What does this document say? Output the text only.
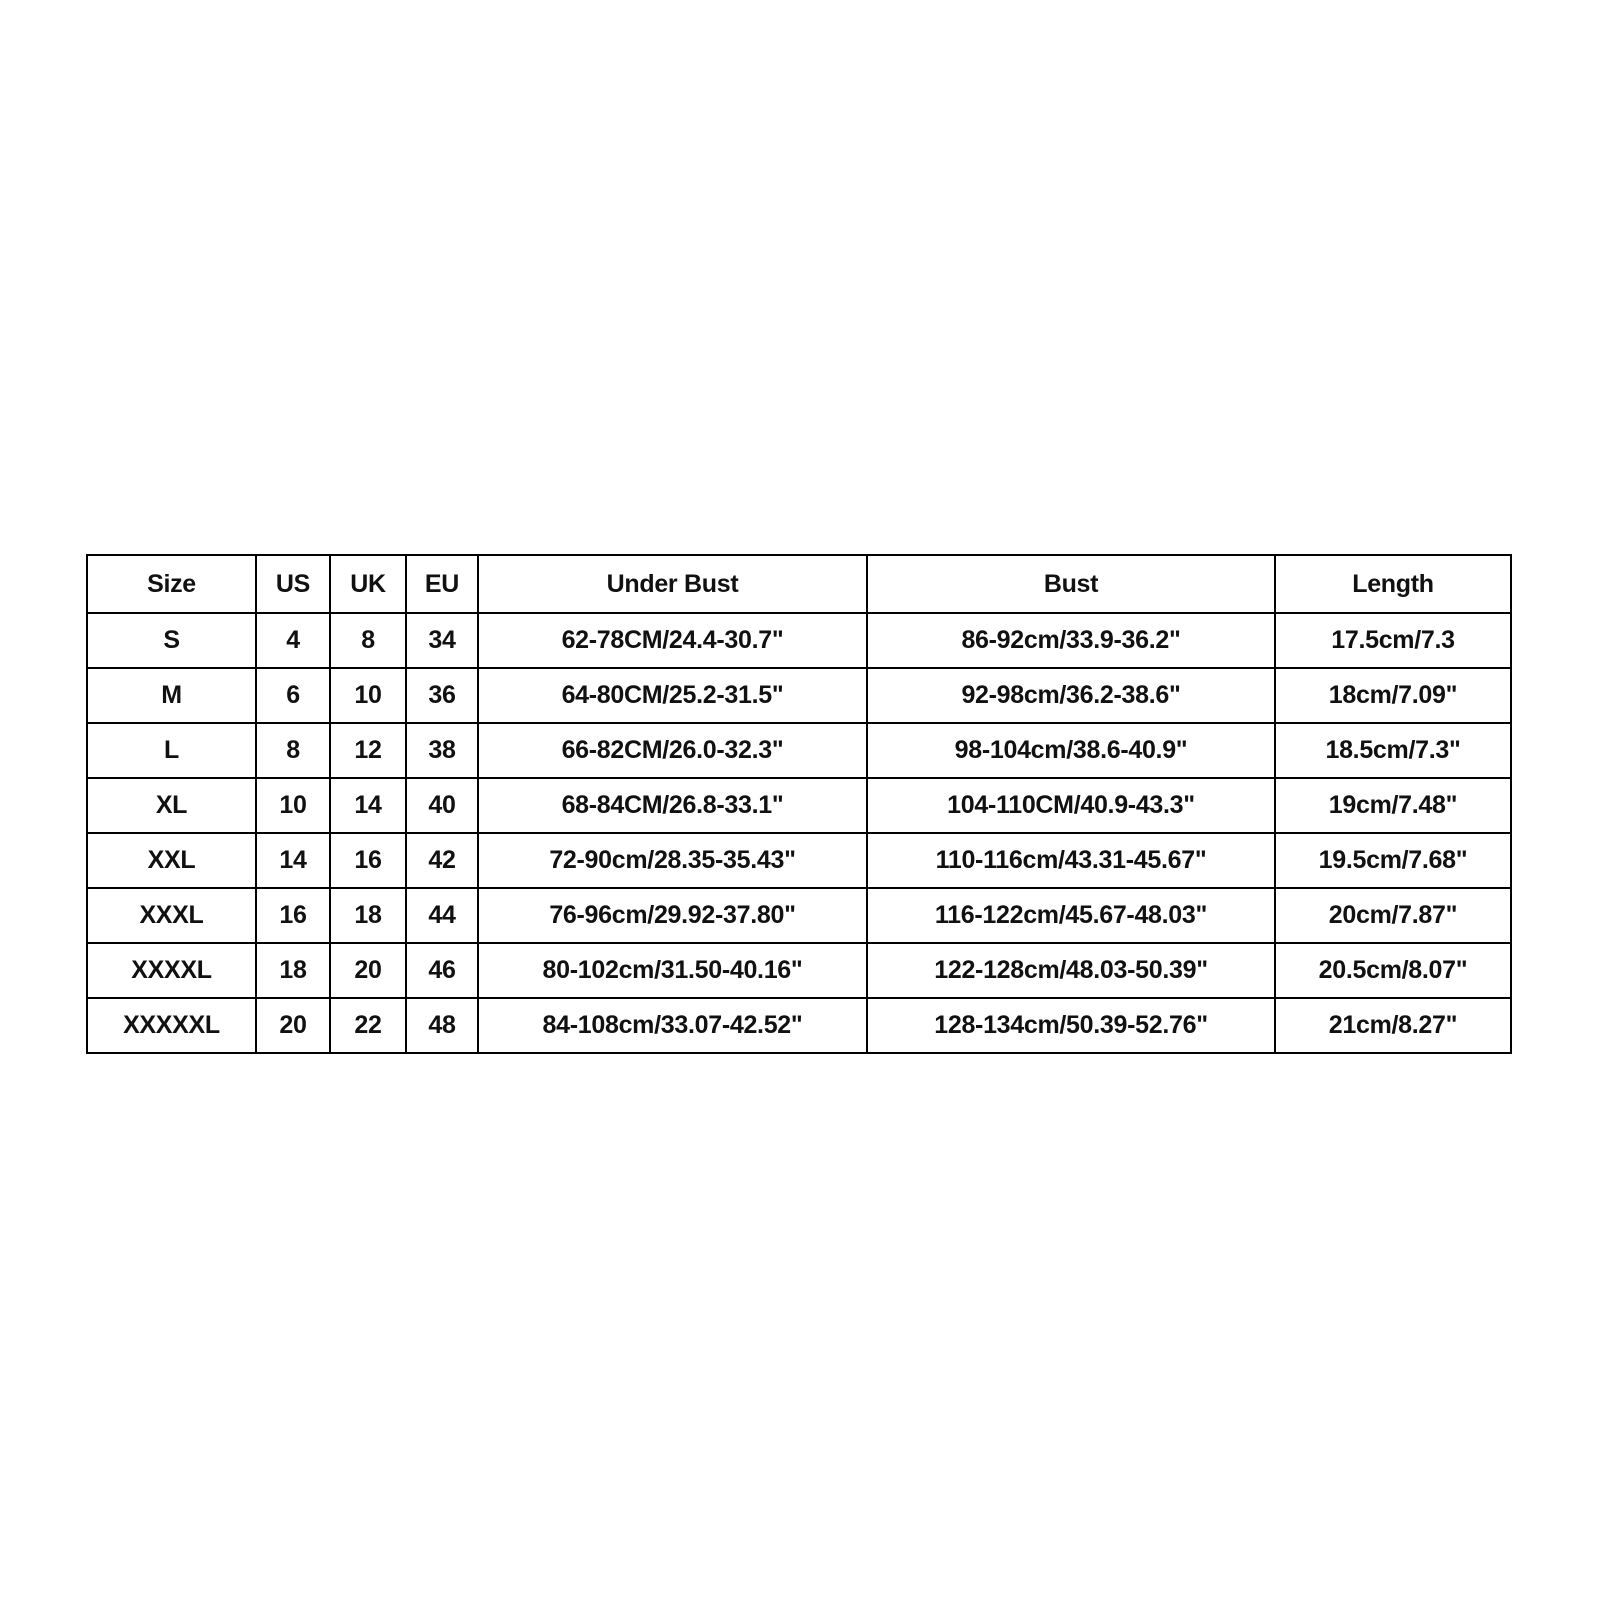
Size	US	UK	EU	Under Bust	Bust	Length
S	4	8	34	62-78CM/24.4-30.7"	86-92cm/33.9-36.2"	17.5cm/7.3
M	6	10	36	64-80CM/25.2-31.5"	92-98cm/36.2-38.6"	18cm/7.09"
L	8	12	38	66-82CM/26.0-32.3"	98-104cm/38.6-40.9"	18.5cm/7.3"
XL	10	14	40	68-84CM/26.8-33.1"	104-110CM/40.9-43.3"	19cm/7.48"
XXL	14	16	42	72-90cm/28.35-35.43"	110-116cm/43.31-45.67"	19.5cm/7.68"
XXXL	16	18	44	76-96cm/29.92-37.80"	116-122cm/45.67-48.03"	20cm/7.87"
XXXXL	18	20	46	80-102cm/31.50-40.16"	122-128cm/48.03-50.39"	20.5cm/8.07"
XXXXXL	20	22	48	84-108cm/33.07-42.52"	128-134cm/50.39-52.76"	21cm/8.27"
